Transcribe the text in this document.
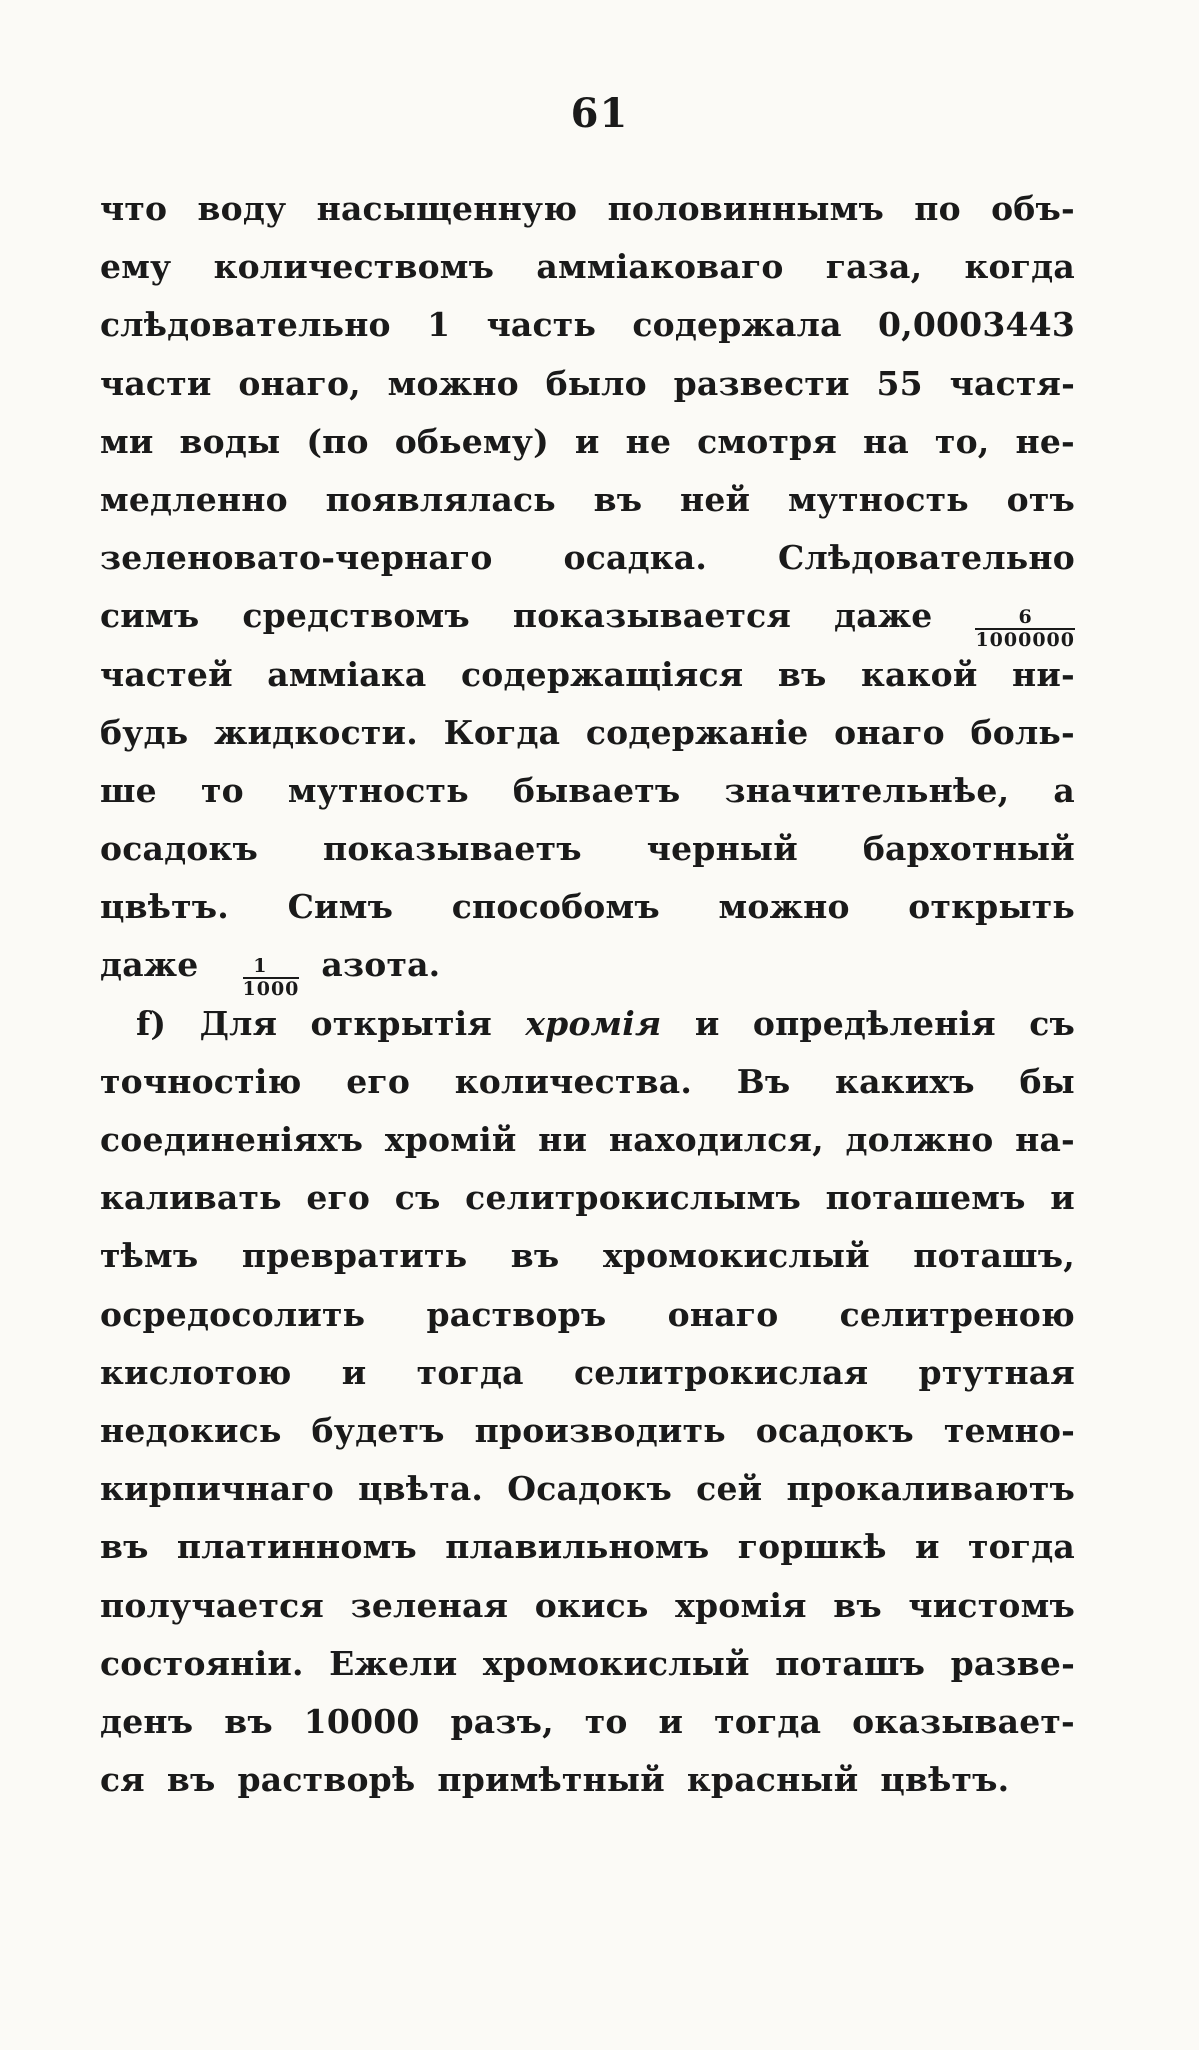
61
что воду насыщенную половиннымъ по объ-
ему количествомъ амміаковаго газа, когда
слѣдовательно 1 часть содержала 0,0003443
части онаго, можно было развести 55 частя-
ми воды (по обьему) и не смотря на то, не-
медленно появлялась въ ней мутность отъ
зеленовато-чернаго осадка. Слѣдовательно
симъ средствомъ показывается даже $\frac{6}{1000000}$
частей амміака содержащіяся въ какой ни-
будь жидкости. Когда содержаніе онаго боль-
ше то мутность бываетъ значительнѣе, а
осадокъ показываетъ черный бархотный
цвѣтъ. Симъ способомъ можно открыть
даже $\frac{1}{1000}$ азота.
f) Для открытія хромія и опредѣленія съ
точностію его количества. Въ какихъ бы
соединеніяхъ хромій ни находился, должно на-
каливать его съ селитрокислымъ поташемъ и
тѣмъ превратить въ хромокислый поташъ,
осредосолить растворъ онаго селитреною
кислотою и тогда селитрокислая ртутная
недокись будетъ производить осадокъ темно-
кирпичнаго цвѣта. Осадокъ сей прокаливаютъ
въ платинномъ плавильномъ горшкѣ и тогда
получается зеленая окись хромія въ чистомъ
состояніи. Ежели хромокислый поташъ разве-
денъ въ 10000 разъ, то и тогда оказывает-
ся въ растворѣ примѣтный красный цвѣтъ.
